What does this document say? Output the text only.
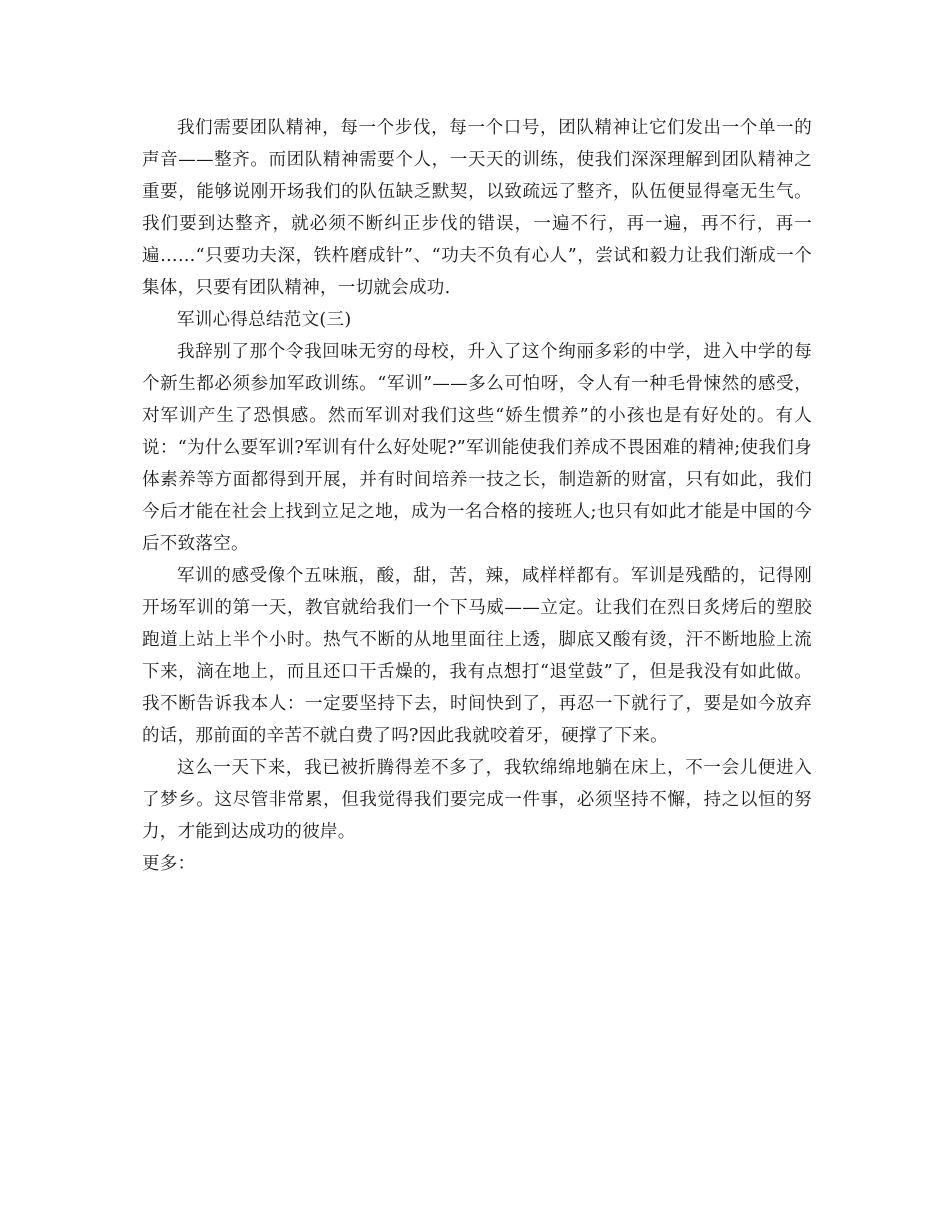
我们需要团队精神，每一个步伐，每一个口号，团队精神让它们发出一个单一的声音——整齐。而团队精神需要个人，一天天的训练，使我们深深理解到团队精神之重要，能够说刚开场我们的队伍缺乏默契，以致疏远了整齐，队伍便显得毫无生气。我们要到达整齐，就必须不断纠正步伐的错误，一遍不行，再一遍，再不行，再一遍……“只要功夫深，铁杵磨成针”、“功夫不负有心人”，尝试和毅力让我们渐成一个集体，只要有团队精神，一切就会成功.

军训心得总结范文(三)

我辞别了那个令我回味无穷的母校，升入了这个绚丽多彩的中学，进入中学的每个新生都必须参加军政训练。“军训”——多么可怕呀，令人有一种毛骨悚然的感受，对军训产生了恐惧感。然而军训对我们这些“娇生惯养”的小孩也是有好处的。有人说：“为什么要军训?军训有什么好处呢?”军训能使我们养成不畏困难的精神;使我们身体素养等方面都得到开展，并有时间培养一技之长，制造新的财富，只有如此，我们今后才能在社会上找到立足之地，成为一名合格的接班人;也只有如此才能是中国的今后不致落空。

军训的感受像个五味瓶，酸，甜，苦，辣，咸样样都有。军训是残酷的，记得刚开场军训的第一天，教官就给我们一个下马威——立定。让我们在烈日炙烤后的塑胶跑道上站上半个小时。热气不断的从地里面往上透，脚底又酸有烫，汗不断地脸上流下来，滴在地上，而且还口干舌燥的，我有点想打“退堂鼓”了，但是我没有如此做。我不断告诉我本人：一定要坚持下去，时间快到了，再忍一下就行了，要是如今放弃的话，那前面的辛苦不就白费了吗?因此我就咬着牙，硬撑了下来。

这么一天下来，我已被折腾得差不多了，我软绵绵地躺在床上，不一会儿便进入了梦乡。这尽管非常累，但我觉得我们要完成一件事，必须坚持不懈，持之以恒的努力，才能到达成功的彼岸。

更多：
